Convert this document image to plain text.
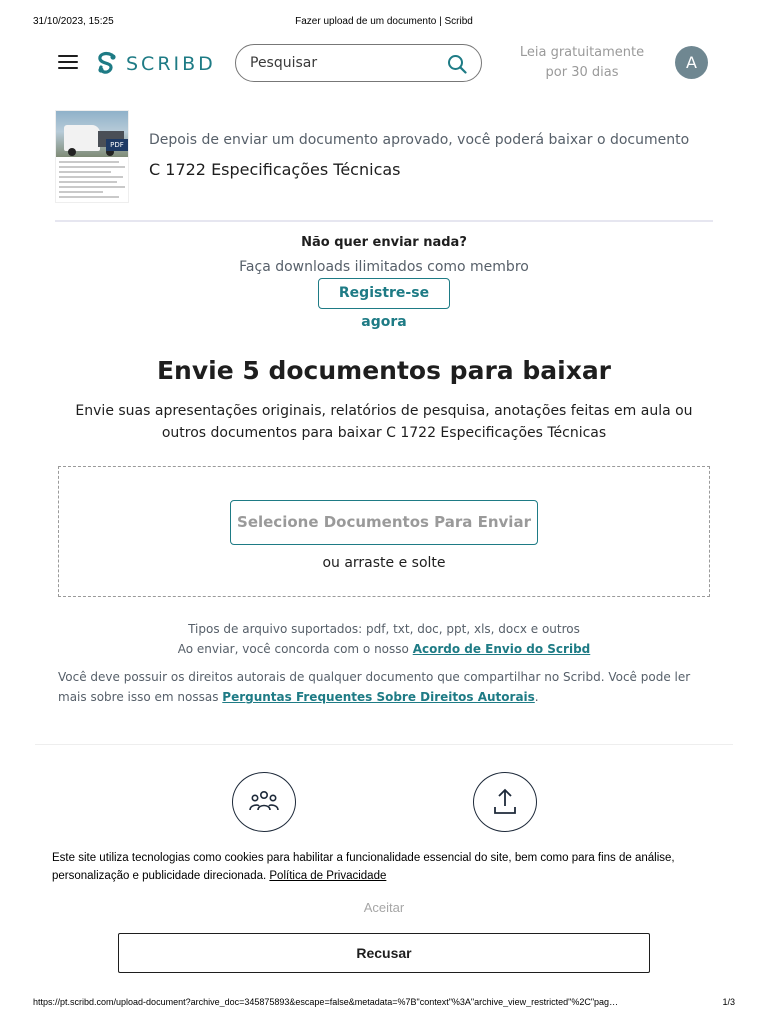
31/10/2023, 15:25	Fazer upload de um documento | Scribd
SCRIBD
Pesquisar
Leia gratuitamente
por 30 dias
A
PDF Depois de enviar um documento aprovado, você poderá baixar o documento
C 1722 Especificações Técnicas
Não quer enviar nada?
Faça downloads ilimitados como membro
Registre-se agora
Envie 5 documentos para baixar
Envie suas apresentações originais, relatórios de pesquisa, anotações feitas em aula ou outros documentos para baixar C 1722 Especificações Técnicas
Selecione Documentos Para Enviar
ou arraste e solte
Tipos de arquivo suportados: pdf, txt, doc, ppt, xls, docx e outros
Ao enviar, você concorda com o nosso Acordo de Envio do Scribd
Você deve possuir os direitos autorais de qualquer documento que compartilhar no Scribd. Você pode ler mais sobre isso em nossas Perguntas Frequentes Sobre Direitos Autorais.
Este site utiliza tecnologias como cookies para habilitar a funcionalidade essencial do site, bem como para fins de análise, personalização e publicidade direcionada. Política de Privacidade
Aceitar
Recusar
https://pt.scribd.com/upload-document?archive_doc=345875893&escape=false&metadata=%7B"context"%3A"archive_view_restricted"%2C"pag…	1/3
